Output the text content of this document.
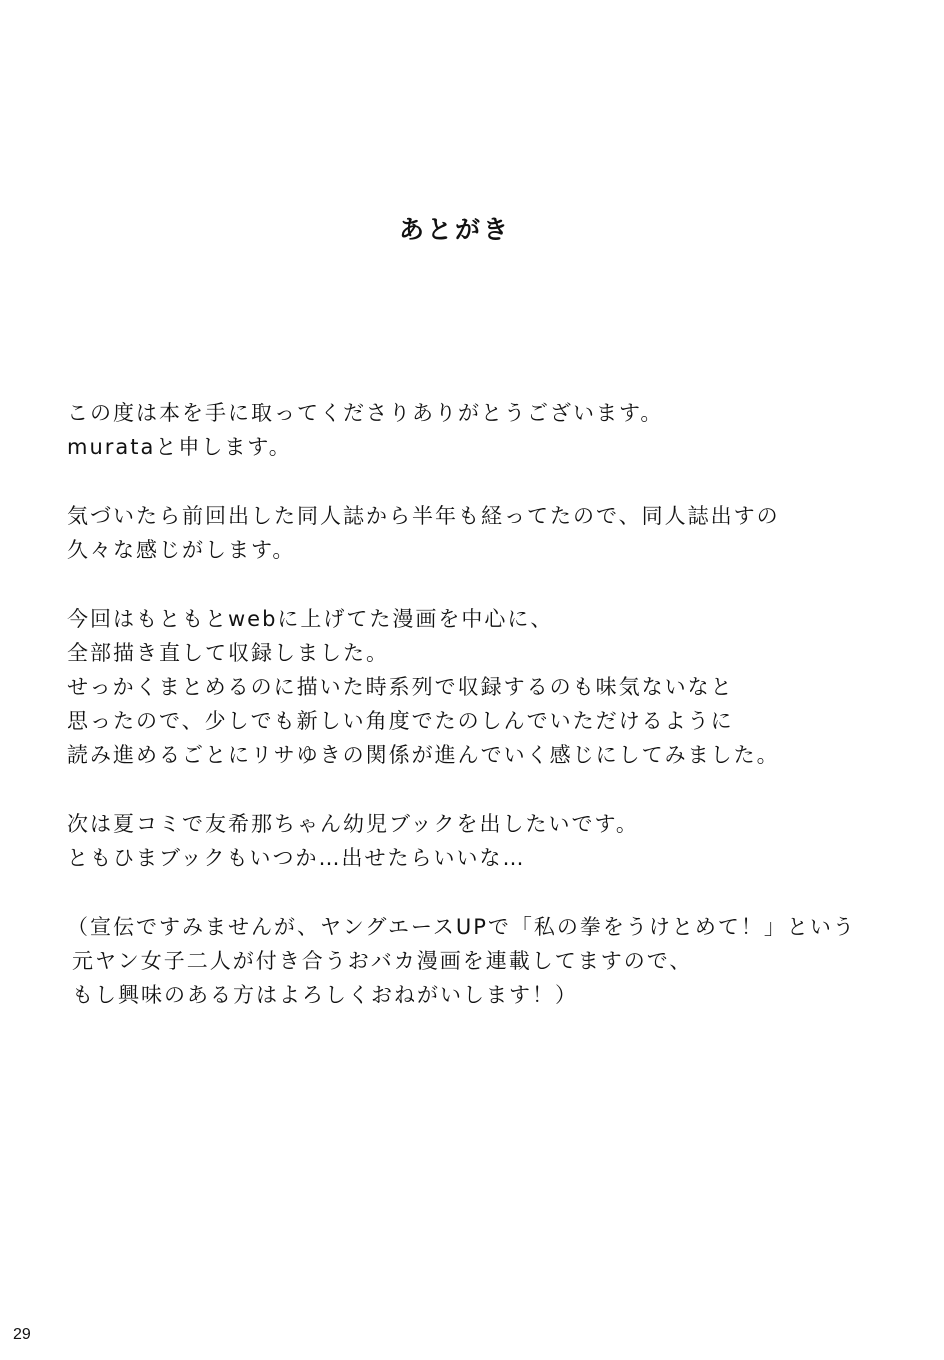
あとがき
この度は本を手に取ってくださりありがとうございます。
murataと申します。
気づいたら前回出した同人誌から半年も経ってたので、同人誌出すの
久々な感じがします。
今回はもともとwebに上げてた漫画を中心に、
全部描き直して収録しました。
せっかくまとめるのに描いた時系列で収録するのも味気ないなと
思ったので、少しでも新しい角度でたのしんでいただけるように
読み進めるごとにリサゆきの関係が進んでいく感じにしてみました。
次は夏コミで友希那ちゃん幼児ブックを出したいです。
ともひまブックもいつか…出せたらいいな…
（宣伝ですみませんが、ヤングエースUPで「私の拳をうけとめて！」という
元ヤン女子二人が付き合うおバカ漫画を連載してますので、
もし興味のある方はよろしくおねがいします！）
29
